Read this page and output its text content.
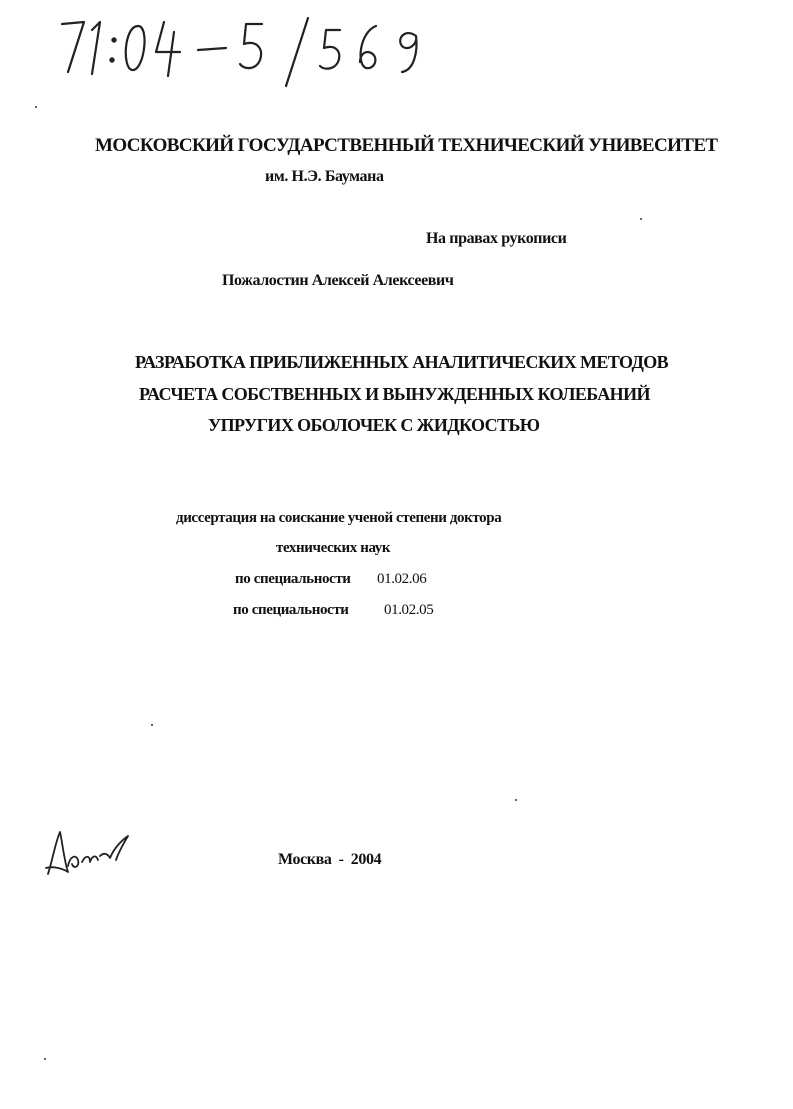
МОСКОВСКИЙ ГОСУДАРСТВЕННЫЙ ТЕХНИЧЕСКИЙ УНИВЕСИТЕТ
им. Н.Э. Баумана
На правах рукописи
Пожалостин Алексей Алексеевич
РАЗРАБОТКА ПРИБЛИЖЕННЫХ АНАЛИТИЧЕСКИХ МЕТОДОВ
РАСЧЕТА СОБСТВЕННЫХ И ВЫНУЖДЕННЫХ КОЛЕБАНИЙ
УПРУГИХ ОБОЛОЧЕК С ЖИДКОСТЬЮ
диссертация на соискание ученой степени доктора
технических наук
по специальности 01.02.06
по специальности 01.02.05
Москва  -  2004
